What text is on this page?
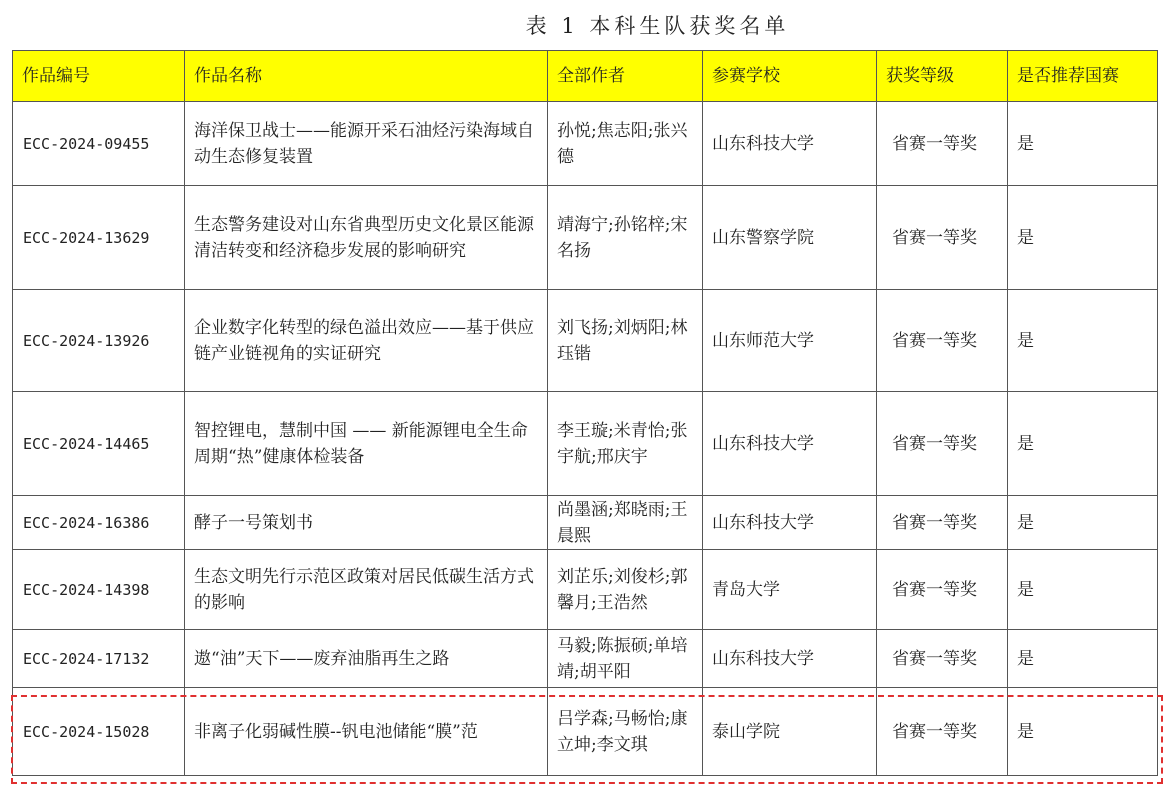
表 1 本科生队获奖名单
作品编号	作品名称	全部作者	参赛学校	获奖等级	是否推荐国赛
ECC-2024-09455	海洋保卫战士——能源开采石油烃污染海域自动生态修复装置	孙悦;焦志阳;张兴德	山东科技大学	省赛一等奖	是
ECC-2024-13629	生态警务建设对山东省典型历史文化景区能源清洁转变和经济稳步发展的影响研究	靖海宁;孙铭梓;宋名扬	山东警察学院	省赛一等奖	是
ECC-2024-13926	企业数字化转型的绿色溢出效应——基于供应链产业链视角的实证研究	刘飞扬;刘炳阳;林珏锴	山东师范大学	省赛一等奖	是
ECC-2024-14465	智控锂电，慧制中国 —— 新能源锂电全生命周期“热”健康体检装备	李王璇;米青怡;张宇航;邢庆宇	山东科技大学	省赛一等奖	是
ECC-2024-16386	酵子一号策划书	尚墨涵;郑晓雨;王晨熙	山东科技大学	省赛一等奖	是
ECC-2024-14398	生态文明先行示范区政策对居民低碳生活方式的影响	刘芷乐;刘俊杉;郭馨月;王浩然	青岛大学	省赛一等奖	是
ECC-2024-17132	遨“油”天下——废弃油脂再生之路	马毅;陈振硕;单培靖;胡平阳	山东科技大学	省赛一等奖	是
ECC-2024-15028	非离子化弱碱性膜--钒电池储能“膜”范	吕学森;马畅怡;康立坤;李文琪	泰山学院	省赛一等奖	是
